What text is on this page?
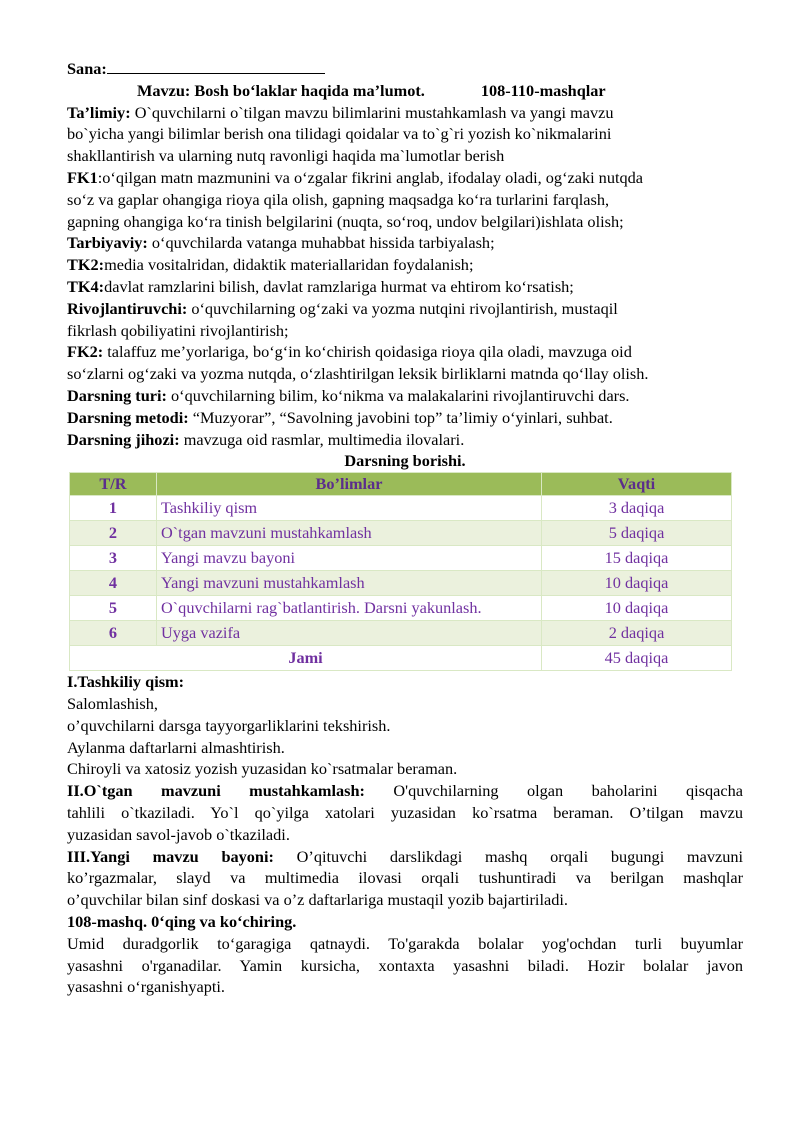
Sana:
Mavzu: Bosh bo‘laklar haqida ma’lumot.	108-110-mashqlar
Ta’limiy: O`quvchilarni o`tilgan mavzu bilimlarini mustahkamlash va yangi mavzu
bo`yicha yangi bilimlar berish ona tilidagi qoidalar va to`g`ri yozish ko`nikmalarini
shakllantirish va ularning nutq ravonligi haqida ma`lumotlar berish
FK1:o‘qilgan matn mazmunini va o‘zgalar fikrini anglab, ifodalay oladi, og‘zaki nutqda
so‘z va gaplar ohangiga rioya qila olish, gapning maqsadga ko‘ra turlarini farqlash,
gapning ohangiga ko‘ra tinish belgilarini (nuqta, so‘roq, undov belgilari)ishlata olish;
Tarbiyaviy: o‘quvchilarda vatanga muhabbat hissida tarbiyalash;
TK2:media vositalridan, didaktik materiallaridan foydalanish;
TK4:davlat ramzlarini bilish, davlat ramzlariga hurmat va ehtirom ko‘rsatish;
Rivojlantiruvchi: o‘quvchilarning og‘zaki va yozma nutqini rivojlantirish, mustaqil
fikrlash qobiliyatini rivojlantirish;
FK2: talaffuz me’yorlariga, bo‘g‘in ko‘chirish qoidasiga rioya qila oladi, mavzuga oid
so‘zlarni og‘zaki va yozma nutqda, o‘zlashtirilgan leksik birliklarni matnda qo‘llay olish.
Darsning turi: o‘quvchilarning bilim, ko‘nikma va malakalarini rivojlantiruvchi dars.
Darsning metodi: “Muzyorar”, “Savolning javobini top” ta’limiy o‘yinlari, suhbat.
Darsning jihozi: mavzuga oid rasmlar, multimedia ilovalari.
Darsning borishi.
T/R	Bo’limlar	Vaqti
1	Tashkiliy qism	3 daqiqa
2	O`tgan mavzuni mustahkamlash	5 daqiqa
3	Yangi mavzu bayoni	15 daqiqa
4	Yangi mavzuni mustahkamlash	10 daqiqa
5	O`quvchilarni rag`batlantirish. Darsni yakunlash.	10 daqiqa
6	Uyga vazifa	2 daqiqa
Jami		45 daqiqa
I.Tashkiliy qism:
Salomlashish,
o’quvchilarni darsga tayyorgarliklarini tekshirish.
Aylanma daftarlarni almashtirish.
Chiroyli va xatosiz yozish yuzasidan ko`rsatmalar beraman.
II.O`tgan mavzuni mustahkamlash: O'quvchilarning olgan baholarini qisqacha
tahlili o`tkaziladi. Yo`l qo`yilga xatolari yuzasidan ko`rsatma beraman. O’tilgan mavzu
yuzasidan savol-javob o`tkaziladi.
III.Yangi mavzu bayoni: O’qituvchi darslikdagi mashq orqali bugungi mavzuni
ko’rgazmalar, slayd va multimedia ilovasi orqali tushuntiradi va berilgan mashqlar
o’quvchilar bilan sinf doskasi va o’z daftarlariga mustaqil yozib bajartiriladi.
108-mashq. 0‘qing va ko‘chiring.
Umid duradgorlik to‘garagiga qatnaydi. To'garakda bolalar yog'ochdan turli buyumlar
yasashni o'rganadilar. Yamin kursicha, xontaxta yasashni biladi. Hozir bolalar javon
yasashni o‘rganishyapti.
